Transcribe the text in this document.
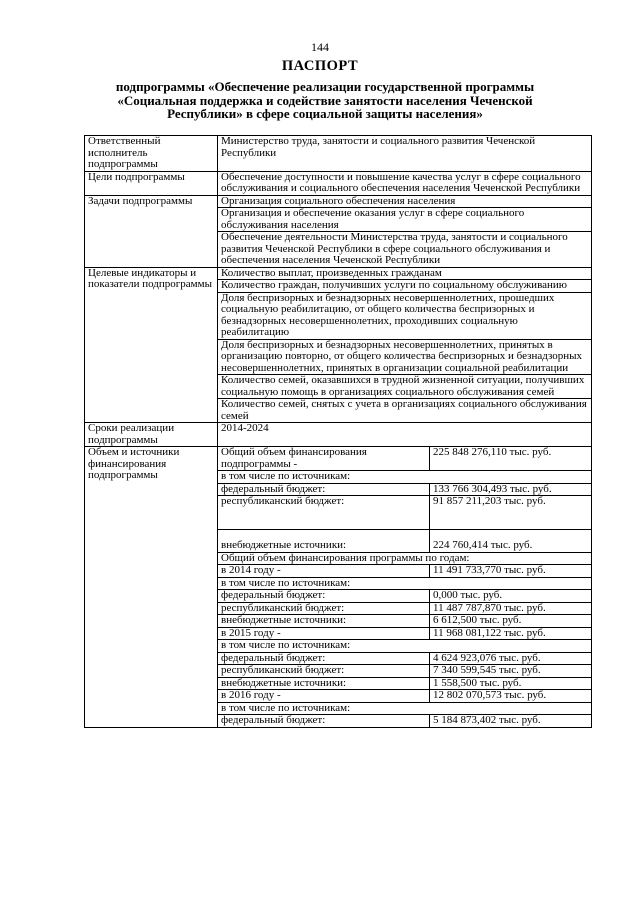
144
ПАСПОРТ
подпрограммы «Обеспечение реализации государственной программы «Социальная поддержка и содействие занятости населения Чеченской Республики» в сфере социальной защиты населения»
Ответственный исполнитель подпрограммы	Министерство труда, занятости и социального развития Чеченской Республики
Цели подпрограммы	Обеспечение доступности и повышение качества услуг в сфере социального обслуживания и социального обеспечения населения Чеченской Республики
Задачи подпрограммы	Организация социального обеспечения населения
Организация и обеспечение оказания услуг в сфере социального обслуживания населения
Обеспечение деятельности Министерства труда, занятости и социального развития Чеченской Республики в сфере социального обслуживания и обеспечения населения Чеченской Республики
Целевые индикаторы и показатели подпрограммы	Количество выплат, произведенных гражданам
Количество граждан, получивших услуги по социальному обслуживанию
Доля беспризорных и безнадзорных несовершеннолетних, прошедших социальную реабилитацию, от общего количества беспризорных и безнадзорных несовершеннолетних, проходивших социальную реабилитацию
Доля беспризорных и безнадзорных несовершеннолетних, принятых в организацию повторно, от общего количества беспризорных и безнадзорных несовершеннолетних, принятых в организации социальной реабилитации
Количество семей, оказавшихся в трудной жизненной ситуации, получивших социальную помощь в организациях социального обслуживания семей
Количество семей, снятых с учета в организациях социального обслуживания семей
Сроки реализации подпрограммы	2014-2024
Объем и источники финансирования подпрограммы	
Общий объем финансирования подпрограммы -	225 848 276,110 тыс. руб.
в том числе по источникам:
федеральный бюджет:	133 766 304,493 тыс. руб.
республиканский бюджет:	91 857 211,203 тыс. руб.
внебюджетные источники:	224 760,414 тыс. руб.
Общий объем финансирования программы по годам:
в 2014 году -	11 491 733,770 тыс. руб.
в том числе по источникам:
федеральный бюджет:	0,000 тыс. руб.
республиканский бюджет:	11 487 787,870 тыс. руб.
внебюджетные источники:	6 612,500 тыс. руб.
в 2015 году -	11 968 081,122 тыс. руб.
в том числе по источникам:
федеральный бюджет:	4 624 923,076 тыс. руб.
республиканский бюджет:	7 340 599,545 тыс. руб.
внебюджетные источники:	1 558,500 тыс. руб.
в 2016 году -	12 802 070,573 тыс. руб.
в том числе по источникам:
федеральный бюджет:	5 184 873,402 тыс. руб.
